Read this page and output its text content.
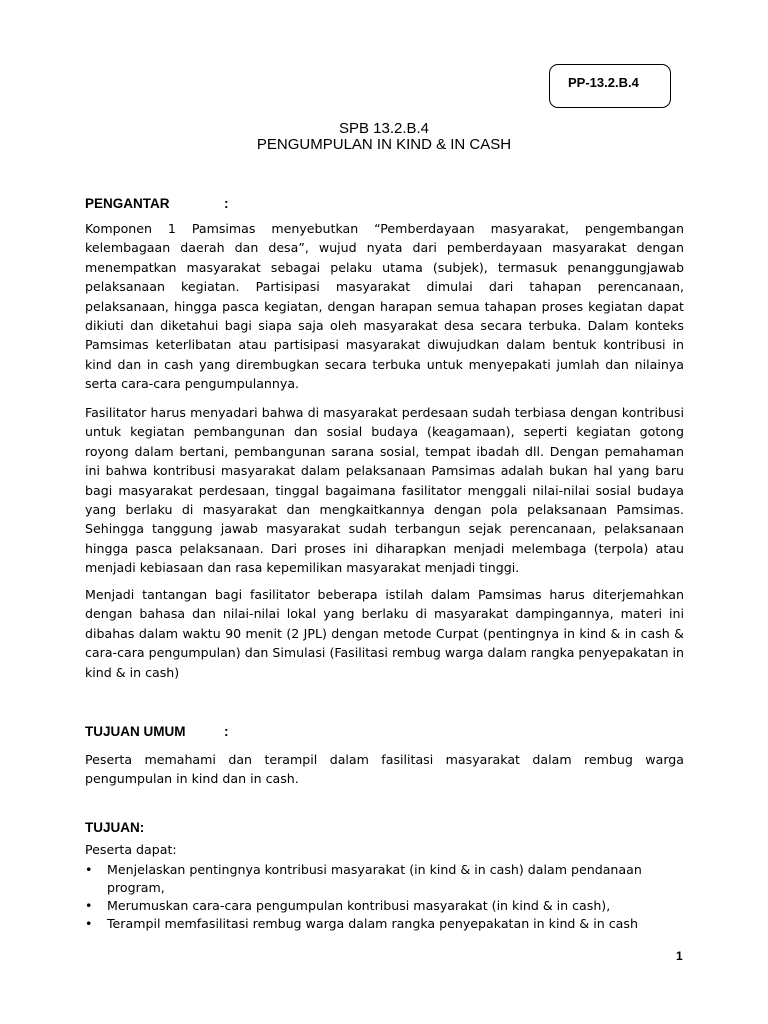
PP-13.2.B.4
SPB 13.2.B.4
PENGUMPULAN IN KIND & IN CASH
PENGANTAR	:

Komponen 1 Pamsimas menyebutkan “Pemberdayaan masyarakat, pengembangan kelembagaan daerah dan desa”, wujud nyata dari pemberdayaan masyarakat dengan menempatkan masyarakat sebagai pelaku utama (subjek), termasuk penanggungjawab pelaksanaan kegiatan. Partisipasi masyarakat dimulai dari tahapan perencanaan, pelaksanaan, hingga pasca kegiatan, dengan harapan semua tahapan proses kegiatan dapat dikiuti dan diketahui bagi siapa saja oleh masyarakat desa secara terbuka. Dalam konteks Pamsimas keterlibatan atau partisipasi masyarakat diwujudkan dalam bentuk kontribusi in kind dan in cash yang dirembugkan secara terbuka untuk menyepakati jumlah dan nilainya serta cara-cara pengumpulannya.

Fasilitator harus menyadari bahwa di masyarakat perdesaan sudah terbiasa dengan kontribusi untuk kegiatan pembangunan dan sosial budaya (keagamaan), seperti kegiatan gotong royong dalam bertani, pembangunan sarana sosial, tempat ibadah dll. Dengan pemahaman ini bahwa kontribusi masyarakat dalam pelaksanaan Pamsimas adalah bukan hal yang baru bagi masyarakat perdesaan, tinggal bagaimana fasilitator menggali nilai-nilai sosial budaya yang berlaku di masyarakat dan mengkaitkannya dengan pola pelaksanaan Pamsimas. Sehingga tanggung jawab masyarakat sudah terbangun sejak perencanaan, pelaksanaan hingga pasca pelaksanaan. Dari proses ini diharapkan menjadi melembaga (terpola) atau menjadi kebiasaan dan rasa kepemilikan masyarakat menjadi tinggi.

Menjadi tantangan bagi fasilitator beberapa istilah dalam Pamsimas harus diterjemahkan dengan bahasa dan nilai-nilai lokal yang berlaku di masyarakat dampingannya, materi ini dibahas dalam waktu 90 menit (2 JPL) dengan metode Curpat (pentingnya in kind & in cash & cara-cara pengumpulan) dan Simulasi (Fasilitasi rembug warga dalam rangka penyepakatan in kind & in cash)

TUJUAN UMUM	:

Peserta memahami dan terampil dalam fasilitasi masyarakat dalam rembug warga pengumpulan in kind dan in cash.

TUJUAN:
Peserta dapat:
• Menjelaskan pentingnya kontribusi masyarakat (in kind & in cash) dalam pendanaan program,
• Merumuskan cara-cara pengumpulan kontribusi masyarakat (in kind & in cash),
• Terampil memfasilitasi rembug warga dalam rangka penyepakatan in kind & in cash
1
